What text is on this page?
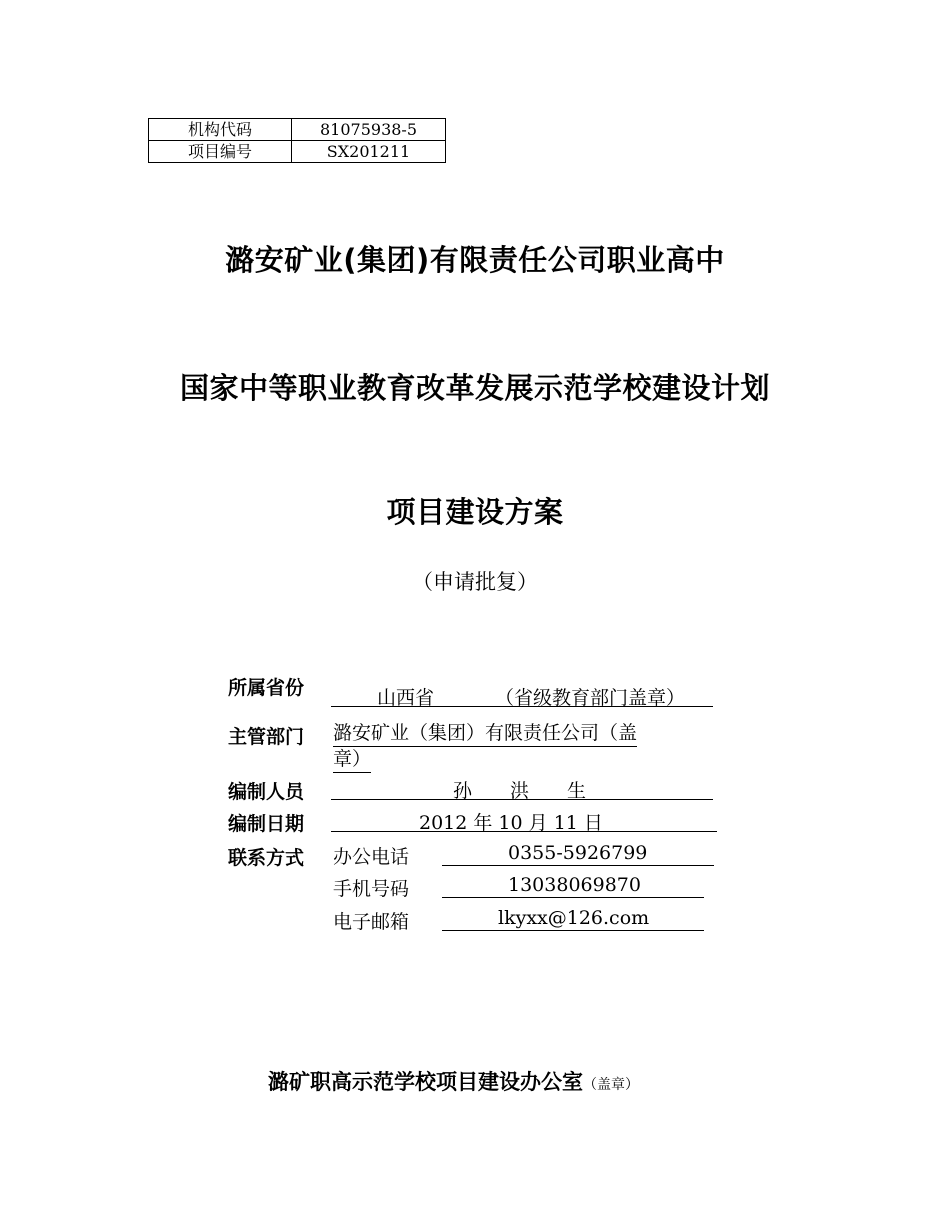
机构代码	81075938-5
项目编号	SX201211
潞安矿业(集团)有限责任公司职业高中
国家中等职业教育改革发展示范学校建设计划
项目建设方案
（申请批复）
所属省份	山西省	（省级教育部门盖章）
主管部门 潞安矿业（集团）有限责任公司（盖
章）
编制人员	孙　　洪　　生
编制日期	2012 年 10 月 11 日
联系方式 办公电话	0355-5926799
手机号码	13038069870
电子邮箱	lkyxx@126.com
潞矿职高示范学校项目建设办公室（盖章）
